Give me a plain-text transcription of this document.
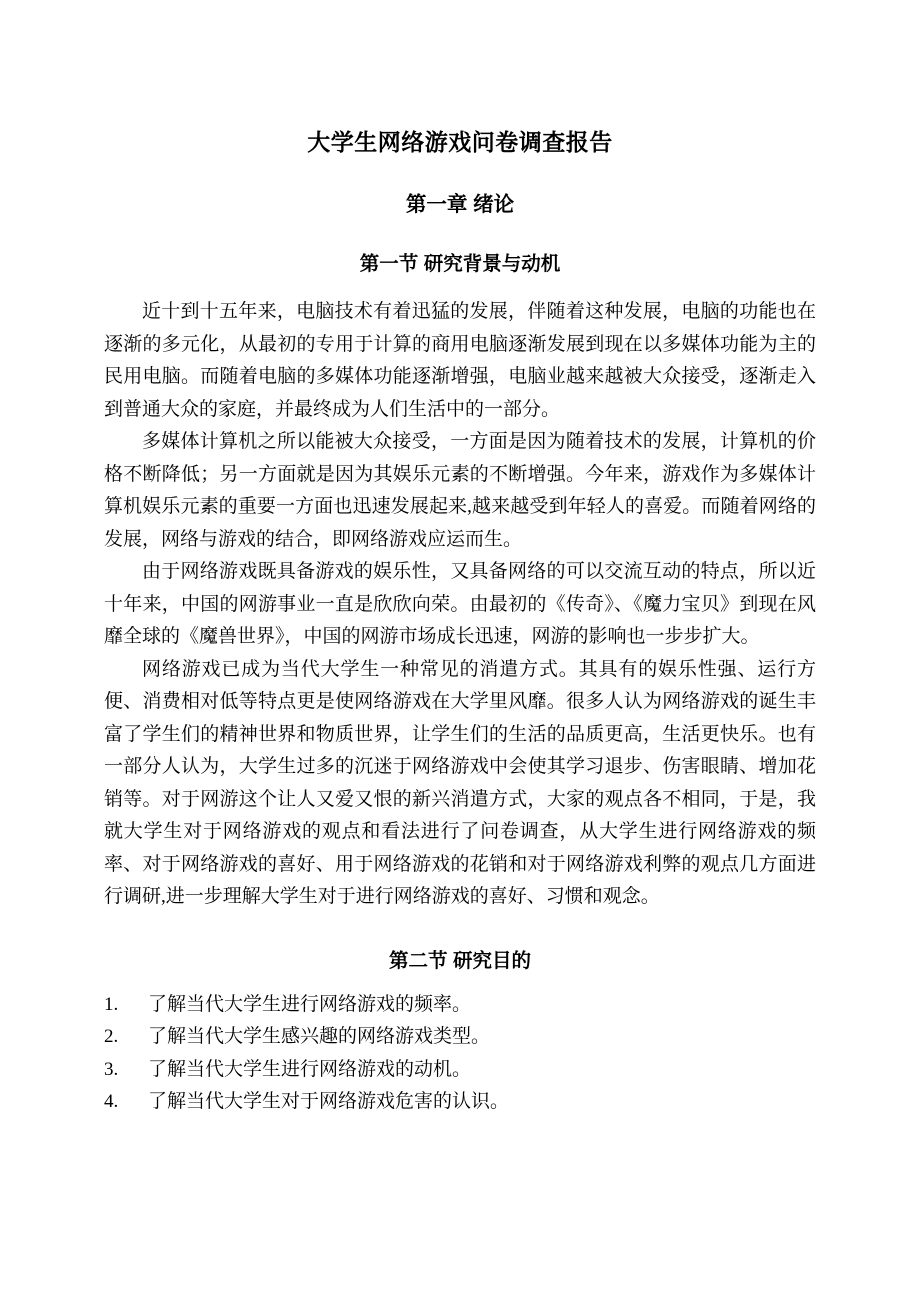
大学生网络游戏问卷调查报告
第一章 绪论
第一节 研究背景与动机

近十到十五年来，电脑技术有着迅猛的发展，伴随着这种发展，电脑的功能也在逐渐的多元化，从最初的专用于计算的商用电脑逐渐发展到现在以多媒体功能为主的民用电脑。而随着电脑的多媒体功能逐渐增强，电脑业越来越被大众接受，逐渐走入到普通大众的家庭，并最终成为人们生活中的一部分。

多媒体计算机之所以能被大众接受，一方面是因为随着技术的发展，计算机的价格不断降低；另一方面就是因为其娱乐元素的不断增强。今年来，游戏作为多媒体计算机娱乐元素的重要一方面也迅速发展起来,越来越受到年轻人的喜爱。而随着网络的发展，网络与游戏的结合，即网络游戏应运而生。

由于网络游戏既具备游戏的娱乐性，又具备网络的可以交流互动的特点，所以近十年来，中国的网游事业一直是欣欣向荣。由最初的《传奇》、《魔力宝贝》到现在风靡全球的《魔兽世界》，中国的网游市场成长迅速，网游的影响也一步步扩大。

网络游戏已成为当代大学生一种常见的消遣方式。其具有的娱乐性强、运行方便、消费相对低等特点更是使网络游戏在大学里风靡。很多人认为网络游戏的诞生丰富了学生们的精神世界和物质世界，让学生们的生活的品质更高，生活更快乐。也有一部分人认为，大学生过多的沉迷于网络游戏中会使其学习退步、伤害眼睛、增加花销等。对于网游这个让人又爱又恨的新兴消遣方式，大家的观点各不相同，于是，我就大学生对于网络游戏的观点和看法进行了问卷调查，从大学生进行网络游戏的频率、对于网络游戏的喜好、用于网络游戏的花销和对于网络游戏利弊的观点几方面进行调研,进一步理解大学生对于进行网络游戏的喜好、习惯和观念。

第二节 研究目的
1.	了解当代大学生进行网络游戏的频率。
2.	了解当代大学生感兴趣的网络游戏类型。
3.	了解当代大学生进行网络游戏的动机。
4.	了解当代大学生对于网络游戏危害的认识。
